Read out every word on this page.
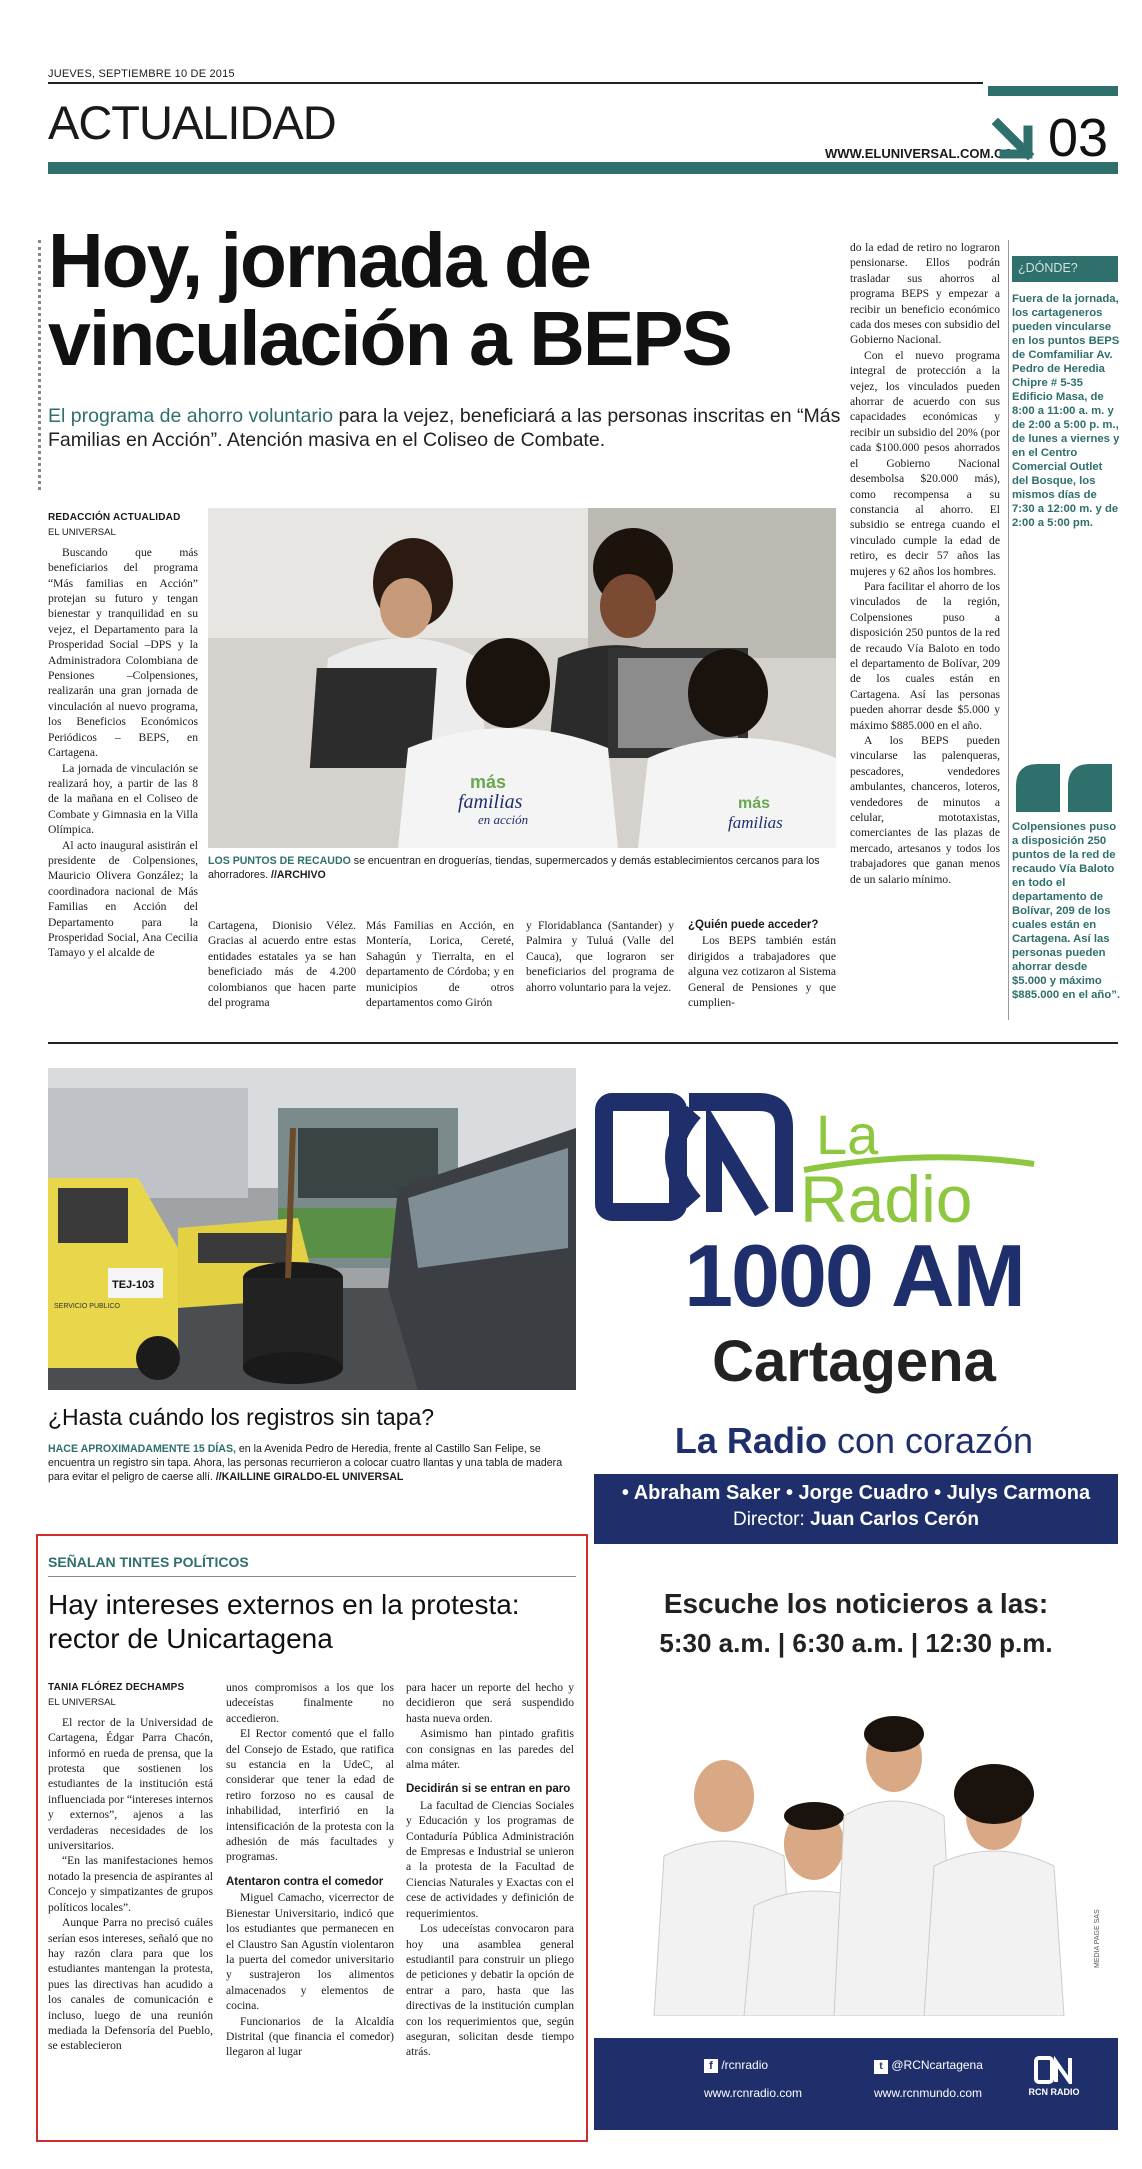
JUEVES, SEPTIEMBRE 10 DE 2015
ACTUALIDAD
WWW.ELUNIVERSAL.COM.CO 03
Hoy, jornada de
vinculación a BEPS
El programa de ahorro voluntario para la vejez, beneficiará a las personas inscritas en “Más Familias en Acción”. Atención masiva en el Coliseo de Combate.
REDACCIÓN ACTUALIDAD
EL UNIVERSAL

Buscando que más beneficiarios del programa “Más familias en Acción” protejan su futuro y tengan bienestar y tranquilidad en su vejez, el Departamento para la Prosperidad Social –DPS y la Administradora Colombiana de Pensiones –Colpensiones, realizarán una gran jornada de vinculación al nuevo programa, los Beneficios Económicos Periódicos – BEPS, en Cartagena.

La jornada de vinculación se realizará hoy, a partir de las 8 de la mañana en el Coliseo de Combate y Gimnasia en la Villa Olímpica.

Al acto inaugural asistirán el presidente de Colpensiones, Mauricio Olivera González; la coordinadora nacional de Más Familias en Acción del Departamento para la Prosperidad Social, Ana Cecilia Tamayo y el alcalde de

más
familias
en acción
más
familias
LOS PUNTOS DE RECAUDO se encuentran en droguerías, tiendas, supermercados y demás establecimientos cercanos para los ahorradores. //ARCHIVO

Cartagena, Dionisio Vélez. Gracias al acuerdo entre estas entidades estatales ya se han beneficiado más de 4.200 colombianos que hacen parte del programa

Más Familias en Acción, en Montería, Lorica, Cereté, Sahagún y Tierralta, en el departamento de Córdoba; y en municipios de otros departamentos como Girón

y Floridablanca (Santander) y Palmira y Tuluá (Valle del Cauca), que lograron ser beneficiarios del programa de ahorro voluntario para la vejez.

¿Quién puede acceder?

Los BEPS también están dirigidos a trabajadores que alguna vez cotizaron al Sistema General de Pensiones y que cumplien-

do la edad de retiro no lograron pensionarse. Ellos podrán trasladar sus ahorros al programa BEPS y empezar a recibir un beneficio económico cada dos meses con subsidio del Gobierno Nacional.

Con el nuevo programa integral de protección a la vejez, los vinculados pueden ahorrar de acuerdo con sus capacidades económicas y recibir un subsidio del 20% (por cada $100.000 pesos ahorrados el Gobierno Nacional desembolsa $20.000 más), como recompensa a su constancia al ahorro. El subsidio se entrega cuando el vinculado cumple la edad de retiro, es decir 57 años las mujeres y 62 años los hombres.

Para facilitar el ahorro de los vinculados de la región, Colpensiones puso a disposición 250 puntos de la red de recaudo Vía Baloto en todo el departamento de Bolívar, 209 de los cuales están en Cartagena. Así las personas pueden ahorrar desde $5.000 y máximo $885.000 en el año.

A los BEPS pueden vincularse las palenqueras, pescadores, vendedores ambulantes, chanceros, loteros, vendedores de minutos a celular, mototaxistas, comerciantes de las plazas de mercado, artesanos y todos los trabajadores que ganan menos de un salario mínimo.

¿DÓNDE?
Fuera de la jornada, los cartageneros pueden vincularse en los puntos BEPS de Comfamiliar Av. Pedro de Heredia Chipre # 5-35 Edificio Masa, de 8:00 a 11:00 a. m. y de 2:00 a 5:00 p. m., de lunes a viernes y en el Centro Comercial Outlet del Bosque, los mismos días de 7:30 a 12:00 m. y de 2:00 a 5:00 pm.
Colpensiones puso a disposición 250 puntos de la red de recaudo Vía Baloto en todo el departamento de Bolívar, 209 de los cuales están en Cartagena. Así las personas pueden ahorrar desde $5.000 y máximo $885.000 en el año”.
TEJ-103
SERVICIO PUBLICO
¿Hasta cuándo los registros sin tapa?
HACE APROXIMADAMENTE 15 DÍAS, en la Avenida Pedro de Heredia, frente al Castillo San Felipe, se encuentra un registro sin tapa. Ahora, las personas recurrieron a colocar cuatro llantas y una tabla de madera para evitar el peligro de caerse allí. //KAILLINE GIRALDO-EL UNIVERSAL
SEÑALAN TINTES POLÍTICOS
Hay intereses externos en la protesta:
rector de Unicartagena
TANIA FLÓREZ DECHAMPS
EL UNIVERSAL

El rector de la Universidad de Cartagena, Édgar Parra Chacón, informó en rueda de prensa, que la protesta que sostienen los estudiantes de la institución está influenciada por “intereses internos y externos”, ajenos a las verdaderas necesidades de los universitarios.

“En las manifestaciones hemos notado la presencia de aspirantes al Concejo y simpatizantes de grupos políticos locales”.

Aunque Parra no precisó cuáles serían esos intereses, señaló que no hay razón clara para que los estudiantes mantengan la protesta, pues las directivas han acudido a los canales de comunicación e incluso, luego de una reunión mediada la Defensoría del Pueblo, se establecieron

unos compromisos a los que los udeceístas finalmente no accedieron.

El Rector comentó que el fallo del Consejo de Estado, que ratifica su estancia en la UdeC, al considerar que tener la edad de retiro forzoso no es causal de inhabilidad, interfirió en la intensificación de la protesta con la adhesión de más facultades y programas.

Atentaron contra el comedor

Miguel Camacho, vicerrector de Bienestar Universitario, indicó que los estudiantes que permanecen en el Claustro San Agustín violentaron la puerta del comedor universitario y sustrajeron los alimentos almacenados y elementos de cocina.

Funcionarios de la Alcaldía Distrital (que financia el comedor) llegaron al lugar

para hacer un reporte del hecho y decidieron que será suspendido hasta nueva orden.

Asimismo han pintado grafitis con consignas en las paredes del alma máter.

Decidirán si se entran en paro

La facultad de Ciencias Sociales y Educación y los programas de Contaduría Pública Administración de Empresas e Industrial se unieron a la protesta de la Facultad de Ciencias Naturales y Exactas con el cese de actividades y definición de requerimientos.

Los udeceístas convocaron para hoy una asamblea general estudiantil para construir un pliego de peticiones y debatir la opción de entrar a paro, hasta que las directivas de la institución cumplan con los requerimientos que, según aseguran, solicitan desde tiempo atrás.

La
Radio
1000 AM
Cartagena
La Radio con corazón
• Abraham Saker • Jorge Cuadro • Julys Carmona
Director: Juan Carlos Cerón
Escuche los noticieros a las:
5:30 a.m. | 6:30 a.m. | 12:30 p.m.
f /rcnradio
www.rcnradio.com
t @RCNcartagena
www.rcnmundo.com	RCN RADIO
MEDIA PAGE SAS
